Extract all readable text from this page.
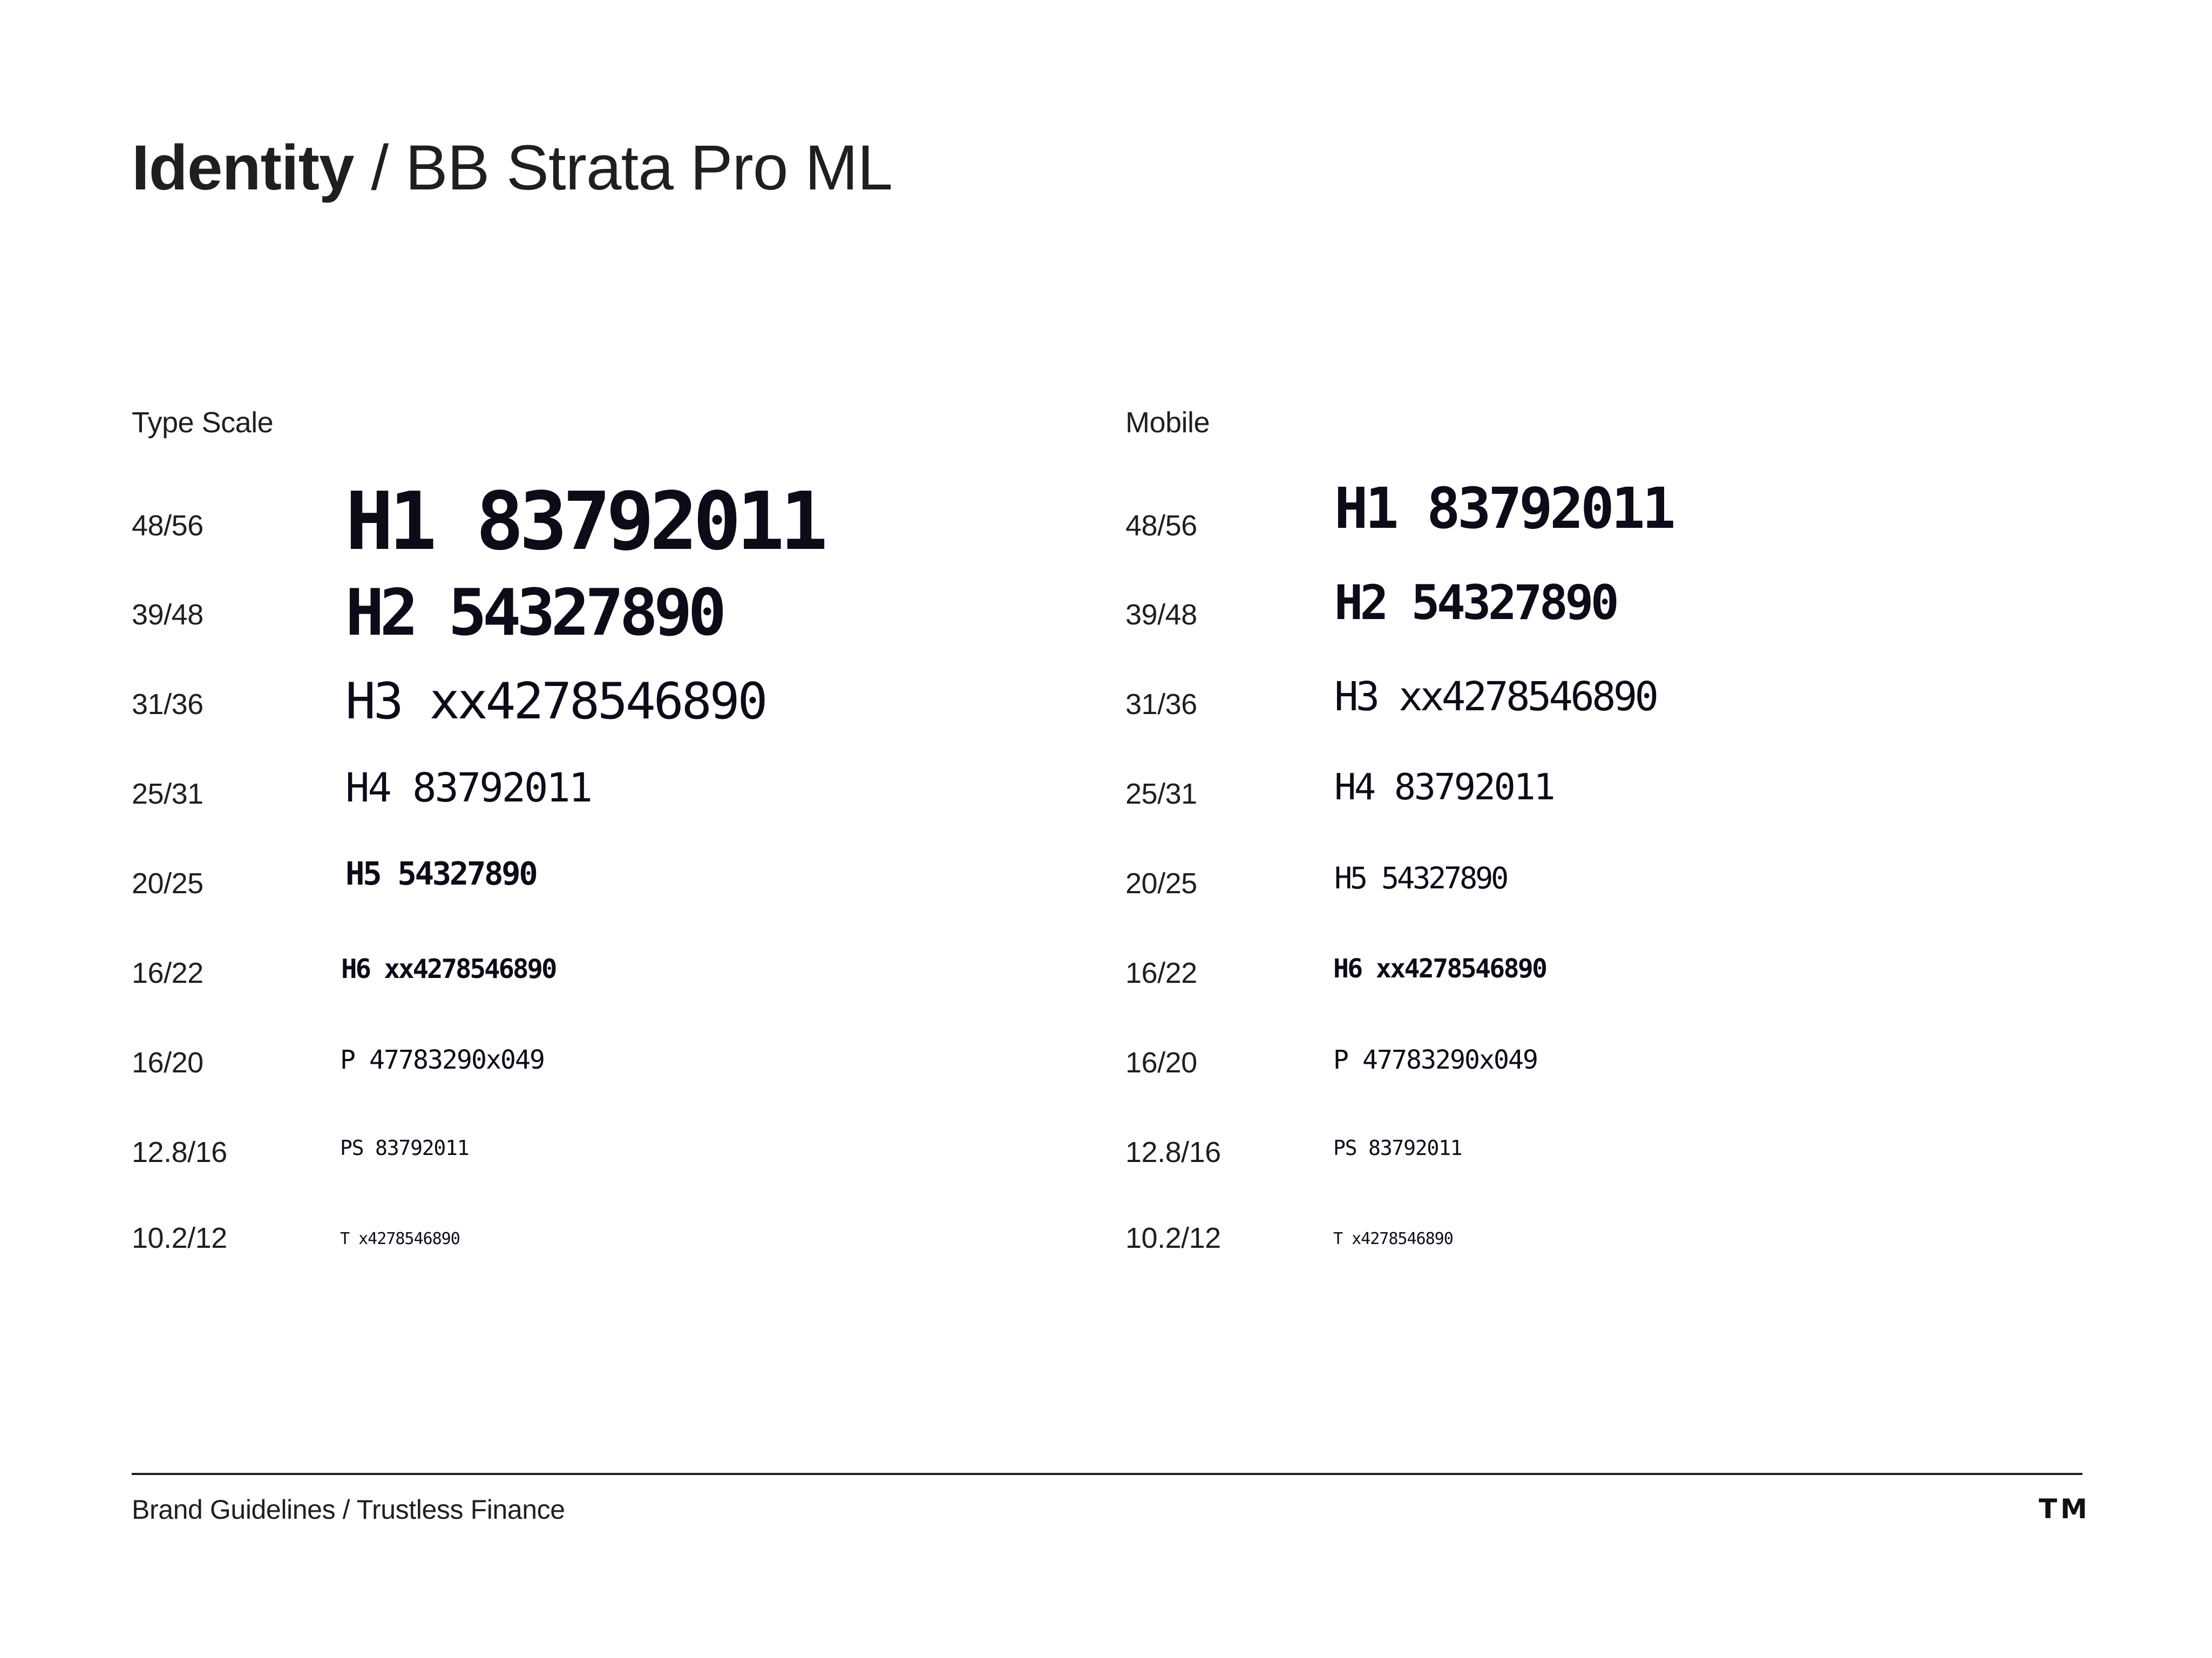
Identity / BB Strata Pro ML
Type Scale
48/56
39/48
31/36
25/31
20/25
16/22
16/20
12.8/16
10.2/12
H1 83792011
H2 54327890
H3 xx4278546890
H4 83792011
H5 54327890
H6 xx4278546890
P 47783290x049
PS 83792011
T x4278546890
Mobile
48/56
39/48
31/36
25/31
20/25
16/22
16/20
12.8/16
10.2/12
H1 83792011
H2 54327890
H3 xx4278546890
H4 83792011
H5 54327890
H6 xx4278546890
P 47783290x049
PS 83792011
T x4278546890
Brand Guidelines / Trustless Finance	TM
